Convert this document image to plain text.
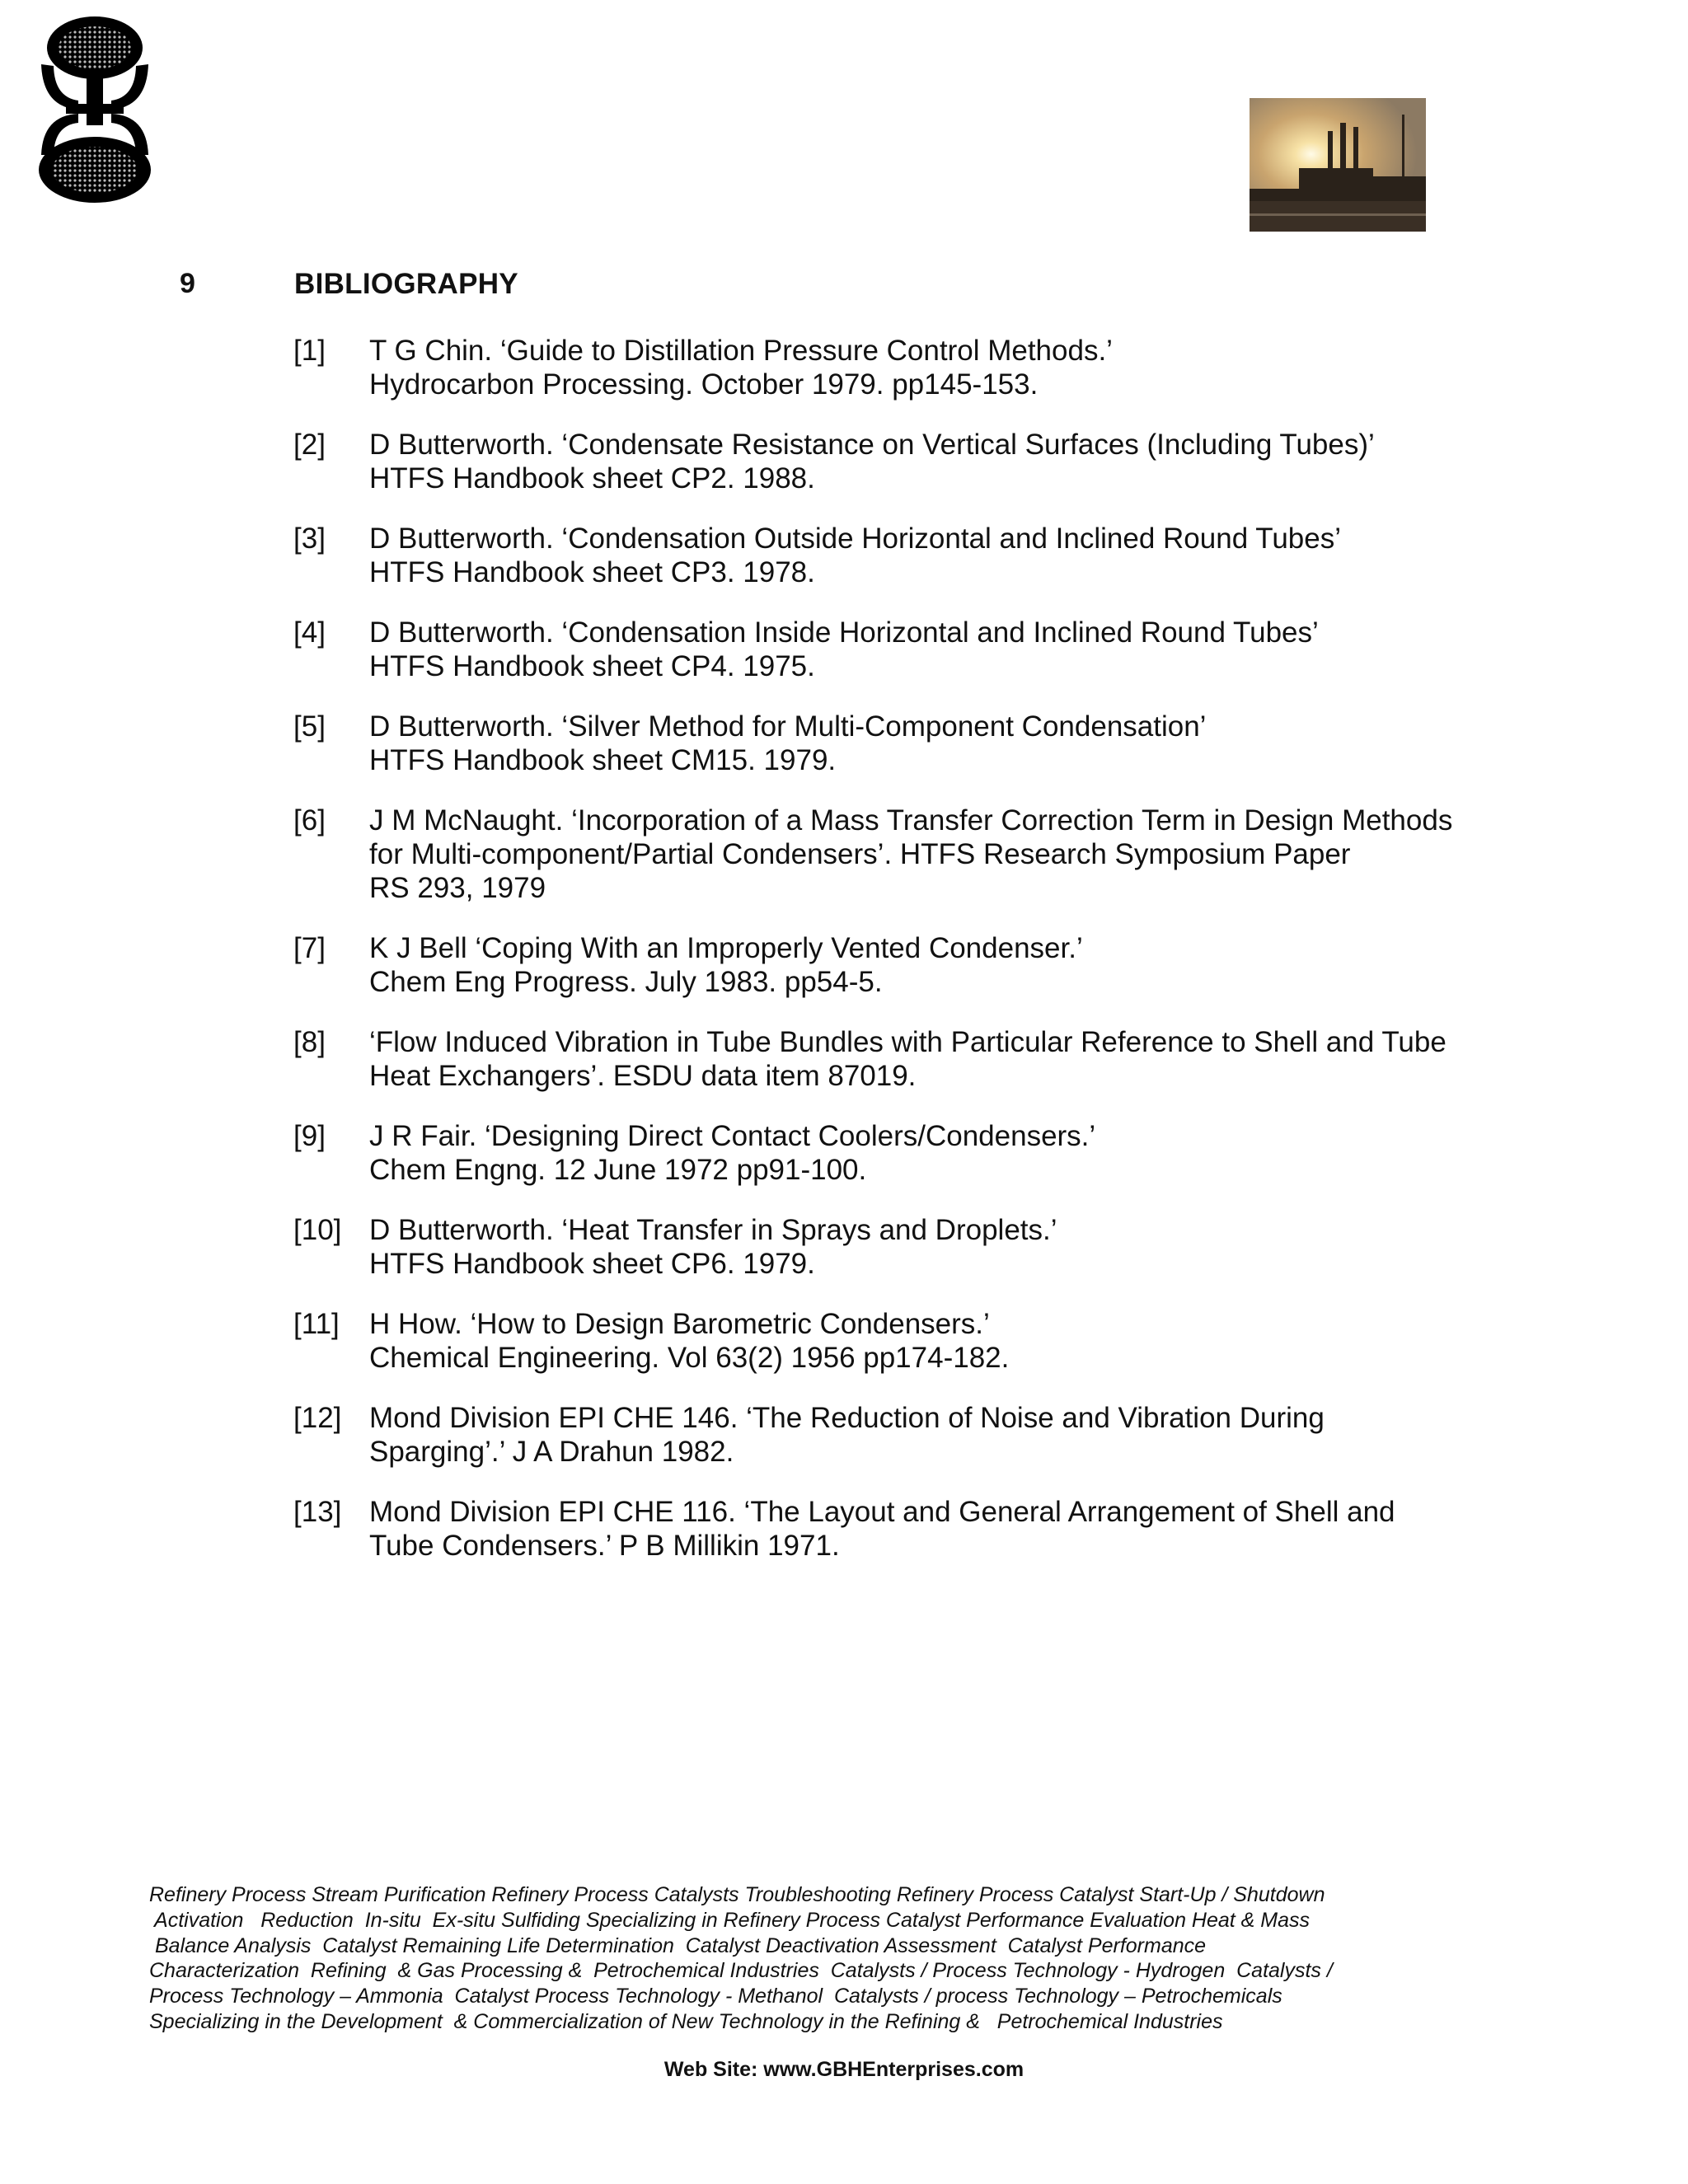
9	BIBLIOGRAPHY
[1] T G Chin. ‘Guide to Distillation Pressure Control Methods.’
Hydrocarbon Processing. October 1979. pp145-153.
[2] D Butterworth. ‘Condensate Resistance on Vertical Surfaces (Including Tubes)’
HTFS Handbook sheet CP2. 1988.
[3] D Butterworth. ‘Condensation Outside Horizontal and Inclined Round Tubes’
HTFS Handbook sheet CP3. 1978.
[4] D Butterworth. ‘Condensation Inside Horizontal and Inclined Round Tubes’
HTFS Handbook sheet CP4. 1975.
[5] D Butterworth. ‘Silver Method for Multi-Component Condensation’
HTFS Handbook sheet CM15. 1979.
[6] J M McNaught. ‘Incorporation of a Mass Transfer Correction Term in Design Methods
for Multi-component/Partial Condensers’. HTFS Research Symposium Paper
RS 293, 1979
[7] K J Bell ‘Coping With an Improperly Vented Condenser.’
Chem Eng Progress. July 1983. pp54-5.
[8] ‘Flow Induced Vibration in Tube Bundles with Particular Reference to Shell and Tube
Heat Exchangers’. ESDU data item 87019.
[9] J R Fair. ‘Designing Direct Contact Coolers/Condensers.’
Chem Engng. 12 June 1972 pp91-100.
[10] D Butterworth. ‘Heat Transfer in Sprays and Droplets.’
HTFS Handbook sheet CP6. 1979.
[11] H How. ‘How to Design Barometric Condensers.’
Chemical Engineering. Vol 63(2) 1956 pp174-182.
[12] Mond Division EPI CHE 146. ‘The Reduction of Noise and Vibration During
Sparging’.’ J A Drahun 1982.
[13] Mond Division EPI CHE 116. ‘The Layout and General Arrangement of Shell and
Tube Condensers.’ P B Millikin 1971.
Refinery Process Stream Purification Refinery Process Catalysts Troubleshooting Refinery Process Catalyst Start-Up / Shutdown
Activation   Reduction  In-situ  Ex-situ Sulfiding Specializing in Refinery Process Catalyst Performance Evaluation Heat & Mass
Balance Analysis  Catalyst Remaining Life Determination  Catalyst Deactivation Assessment  Catalyst Performance
Characterization  Refining  & Gas Processing &  Petrochemical Industries  Catalysts / Process Technology - Hydrogen  Catalysts /
Process Technology – Ammonia  Catalyst Process Technology - Methanol  Catalysts / process Technology – Petrochemicals
Specializing in the Development  & Commercialization of New Technology in the Refining &   Petrochemical Industries
Web Site: www.GBHEnterprises.com
